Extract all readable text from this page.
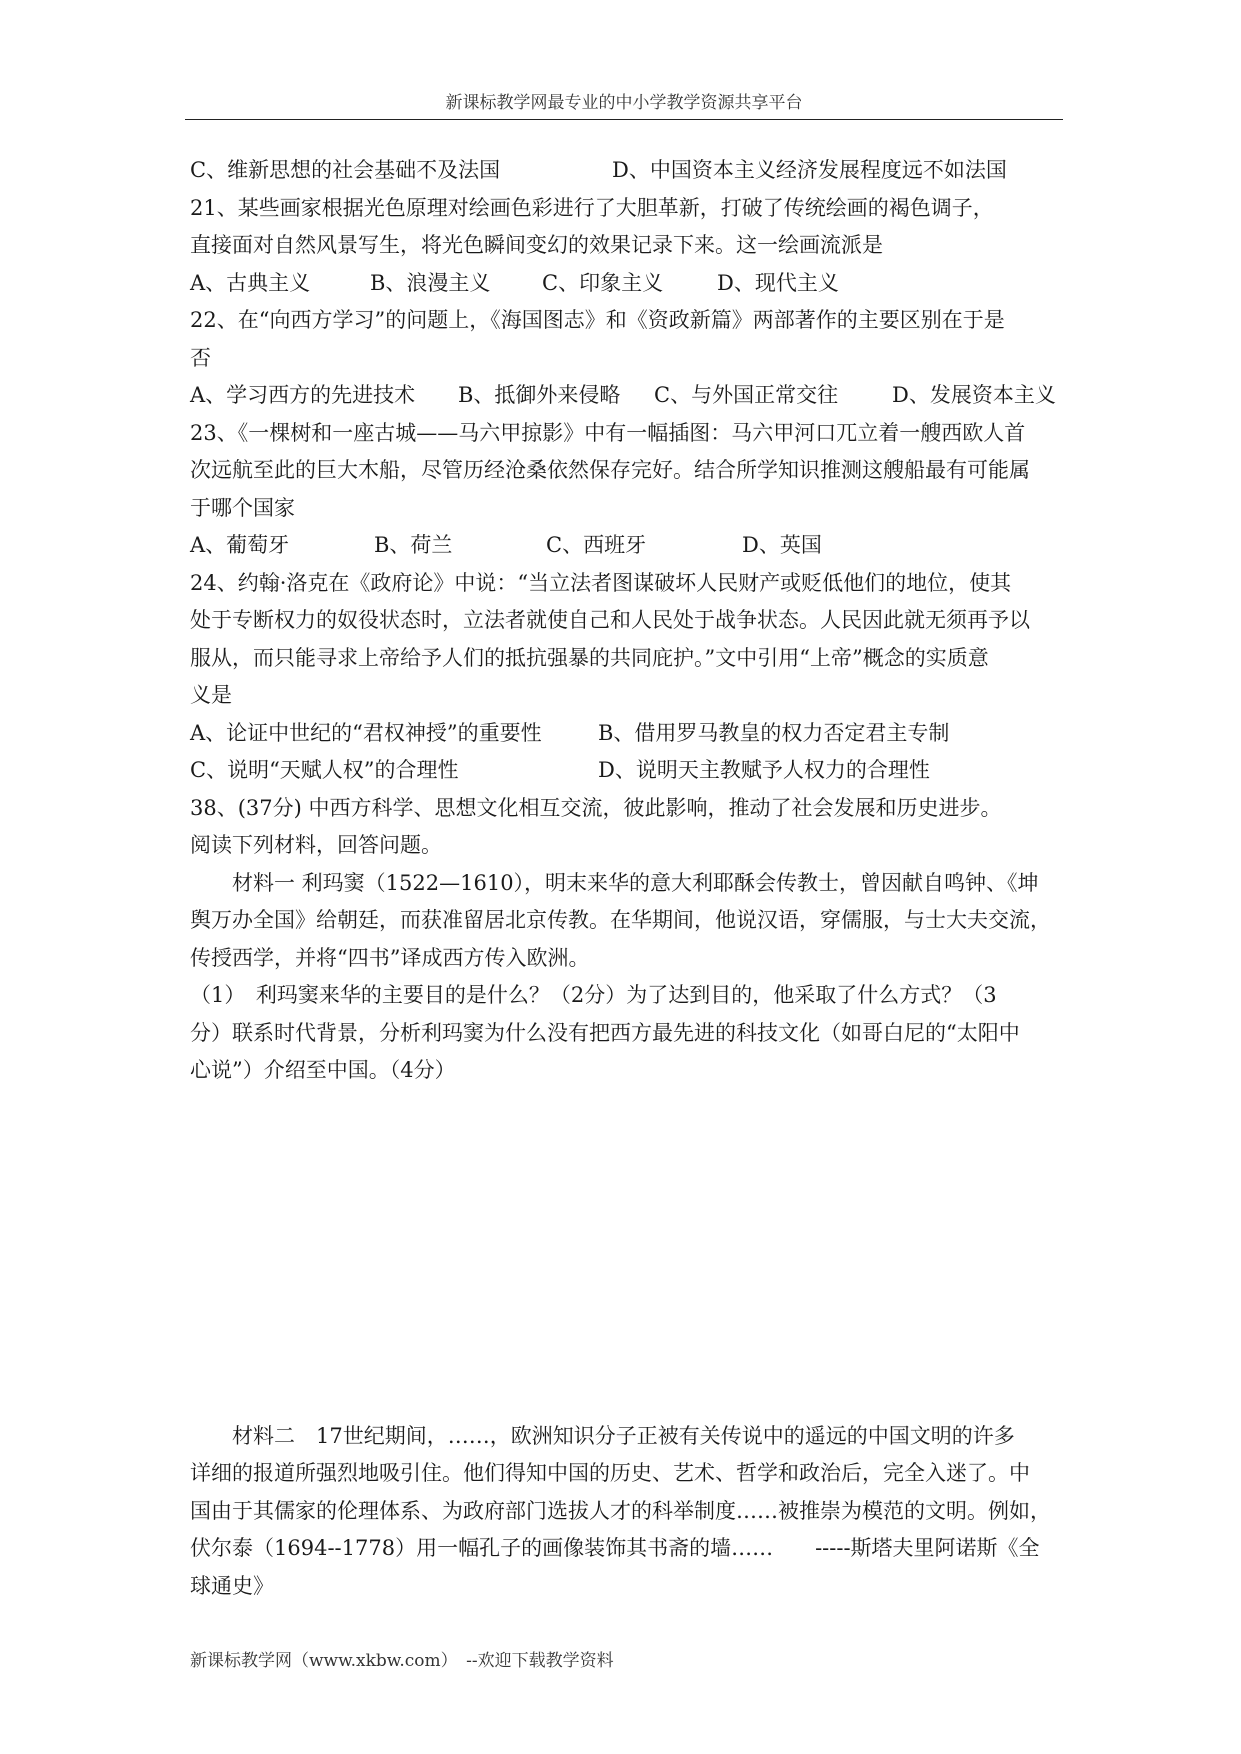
新课标教学网最专业的中小学教学资源共享平台
C、维新思想的社会基础不及法国	D、中国资本主义经济发展程度远不如法国
21、某些画家根据光色原理对绘画色彩进行了大胆革新，打破了传统绘画的褐色调子，
直接面对自然风景写生，将光色瞬间变幻的效果记录下来。这一绘画流派是
A、古典主义	B、浪漫主义 C、印象主义	D、现代主义
22、在“向西方学习”的问题上，《海国图志》和《资政新篇》两部著作的主要区别在于是
否
A、学习西方的先进技术 B、抵御外来侵略 C、与外国正常交往	D、发展资本主义
23、《一棵树和一座古城——马六甲掠影》中有一幅插图：马六甲河口兀立着一艘西欧人首
次远航至此的巨大木船，尽管历经沧桑依然保存完好。结合所学知识推测这艘船最有可能属
于哪个国家
A、葡萄牙	B、荷兰	C、西班牙	D、英国
24、约翰·洛克在《政府论》中说：“当立法者图谋破坏人民财产或贬低他们的地位，使其
处于专断权力的奴役状态时，立法者就使自己和人民处于战争状态。人民因此就无须再予以
服从，而只能寻求上帝给予人们的抵抗强暴的共同庇护。”文中引用“上帝”概念的实质意
义是
A、论证中世纪的“君权神授”的重要性	B、借用罗马教皇的权力否定君主专制
C、说明“天赋人权”的合理性	D、说明天主教赋予人权力的合理性
38、(37分) 中西方科学、思想文化相互交流，彼此影响，推动了社会发展和历史进步。
阅读下列材料，回答问题。
材料一 利玛窦（1522—1610），明末来华的意大利耶酥会传教士，曾因献自鸣钟、《坤
舆万办全国》给朝廷，而获准留居北京传教。在华期间，他说汉语，穿儒服，与士大夫交流，
传授西学，并将“四书”译成西方传入欧洲。
（1）　利玛窦来华的主要目的是什么？（2分）为了达到目的，他采取了什么方式？（3
分）联系时代背景，分析利玛窦为什么没有把西方最先进的科技文化（如哥白尼的“太阳中
心说”）介绍至中国。（4分）
材料二　17世纪期间，……，欧洲知识分子正被有关传说中的遥远的中国文明的许多
详细的报道所强烈地吸引住。他们得知中国的历史、艺术、哲学和政治后，完全入迷了。中
国由于其儒家的伦理体系、为政府部门选拔人才的科举制度……被推崇为模范的文明。例如，
伏尔泰（1694--1778）用一幅孔子的画像装饰其书斋的墙……　　-----斯塔夫里阿诺斯《全
球通史》
新课标教学网（www.xkbw.com）　--欢迎下载教学资料
